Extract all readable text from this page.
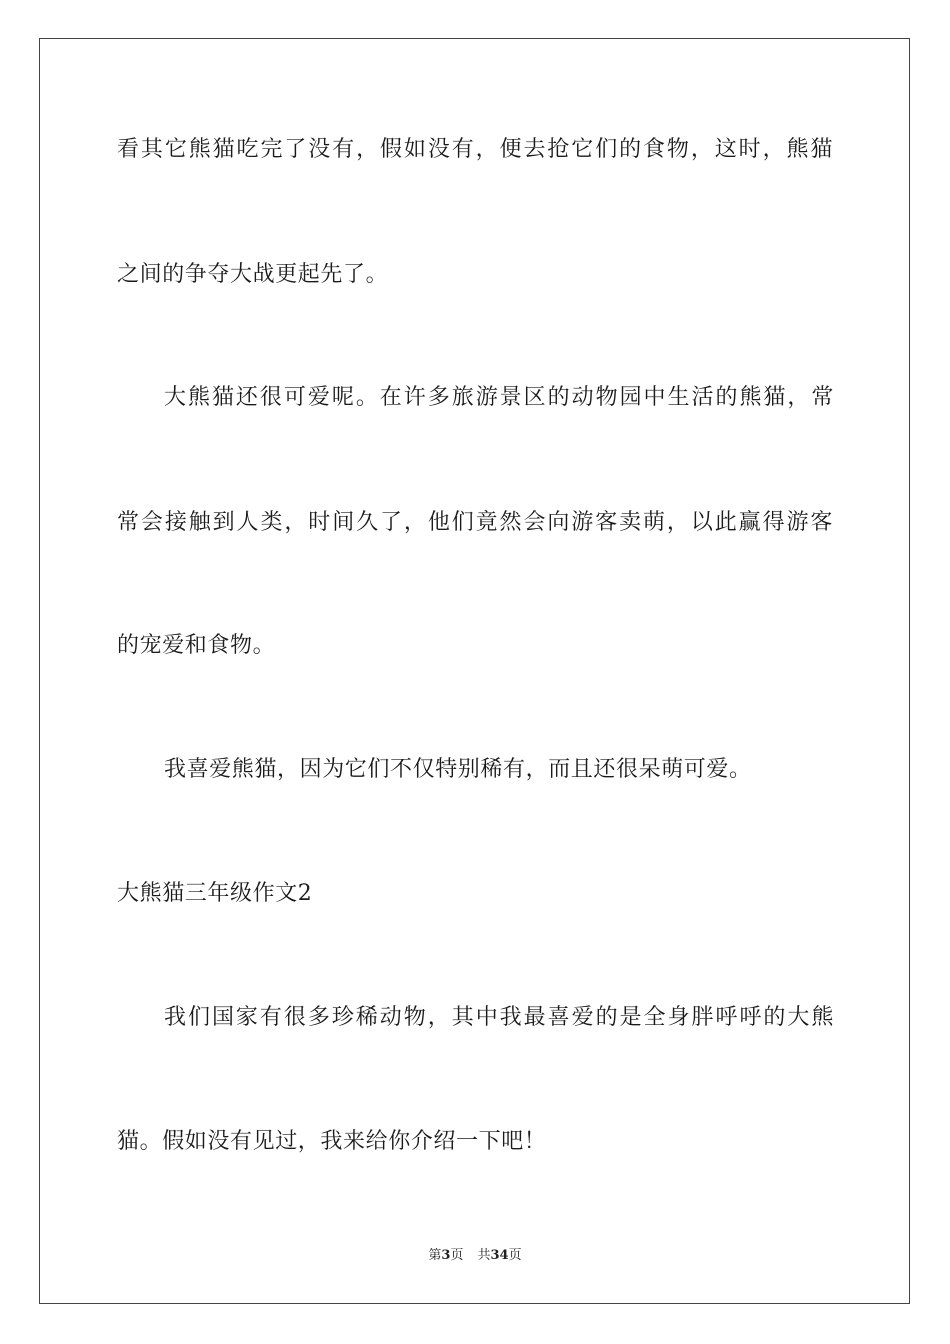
看其它熊猫吃完了没有，假如没有，便去抢它们的食物，这时，熊猫
之间的争夺大战更起先了。
大熊猫还很可爱呢。在许多旅游景区的动物园中生活的熊猫，常
常会接触到人类，时间久了，他们竟然会向游客卖萌，以此赢得游客
的宠爱和食物。
我喜爱熊猫，因为它们不仅特别稀有，而且还很呆萌可爱。
大熊猫三年级作文2
我们国家有很多珍稀动物，其中我最喜爱的是全身胖呼呼的大熊
猫。假如没有见过，我来给你介绍一下吧！
第3页 共34页
